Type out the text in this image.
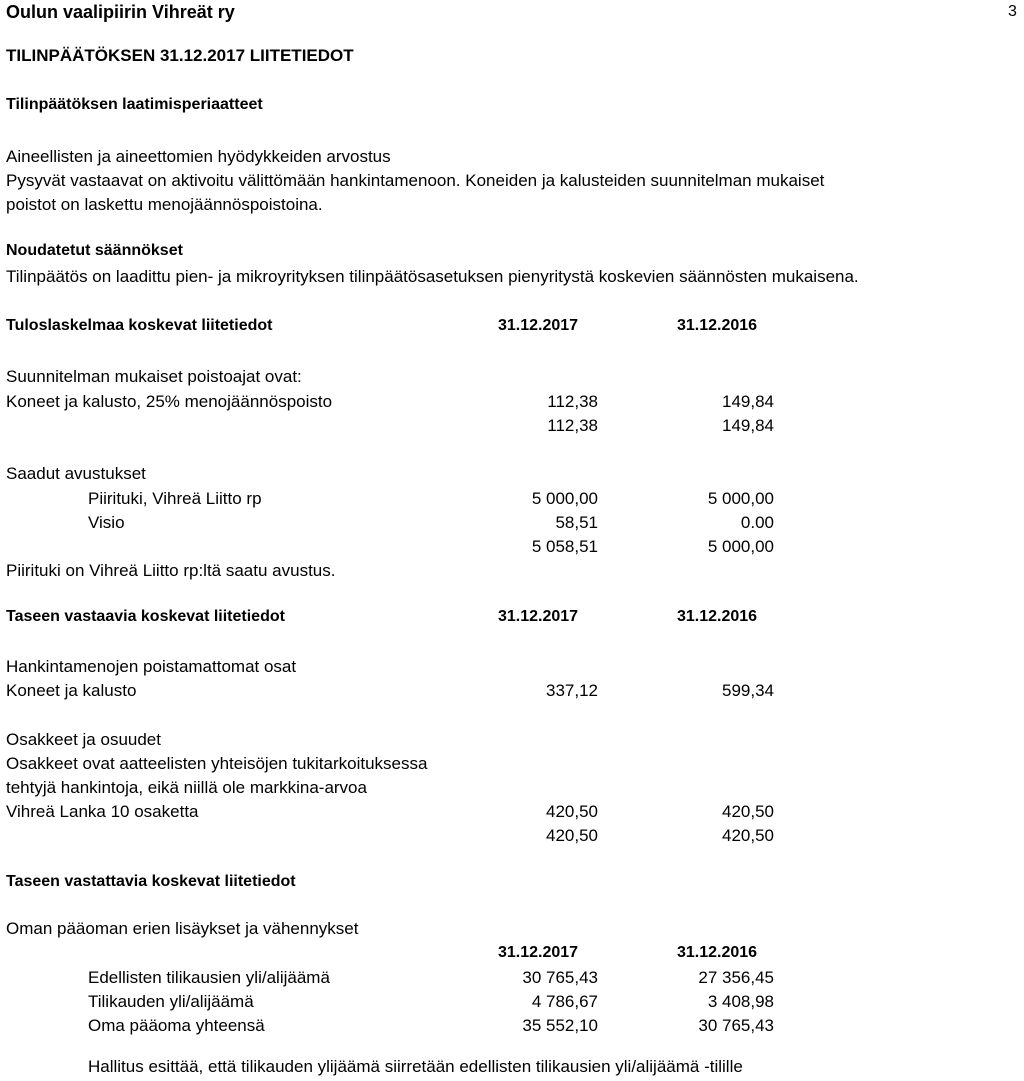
Oulun vaalipiirin Vihreät ry	3
TILINPÄÄTÖKSEN 31.12.2017 LIITETIEDOT
Tilinpäätöksen laatimisperiaatteet
Aineellisten ja aineettomien hyödykkeiden arvostus
Pysyvät vastaavat on aktivoitu välittömään hankintamenoon. Koneiden ja kalusteiden suunnitelman mukaiset
poistot on laskettu menojäännöspoistoina.
Noudatetut säännökset
Tilinpäätös on laadittu pien- ja mikroyrityksen tilinpäätösasetuksen pienyritystä koskevien säännösten mukaisena.
Tuloslaskelmaa koskevat liitetiedot	31.12.2017	31.12.2016
Suunnitelman mukaiset poistoajat ovat:
Koneet ja kalusto, 25% menojäännöspoisto	112,38	149,84
112,38	149,84
Saadut avustukset
Piirituki, Vihreä Liitto rp	5 000,00	5 000,00
Visio	58,51	0.00
5 058,51	5 000,00
Piirituki on Vihreä Liitto rp:ltä saatu avustus.
Taseen vastaavia koskevat liitetiedot	31.12.2017	31.12.2016
Hankintamenojen poistamattomat osat
Koneet ja kalusto	337,12	599,34
Osakkeet ja osuudet
Osakkeet ovat aatteelisten yhteisöjen tukitarkoituksessa
tehtyjä hankintoja, eikä niillä ole markkina-arvoa
Vihreä Lanka 10 osaketta	420,50	420,50
420,50	420,50
Taseen vastattavia koskevat liitetiedot
Oman pääoman erien lisäykset ja vähennykset
31.12.2017	31.12.2016
Edellisten tilikausien yli/alijäämä	30 765,43	27 356,45
Tilikauden yli/alijäämä	4 786,67	3 408,98
Oma pääoma yhteensä	35 552,10	30 765,43
Hallitus esittää, että tilikauden ylijäämä siirretään edellisten tilikausien yli/alijäämä -tilille
